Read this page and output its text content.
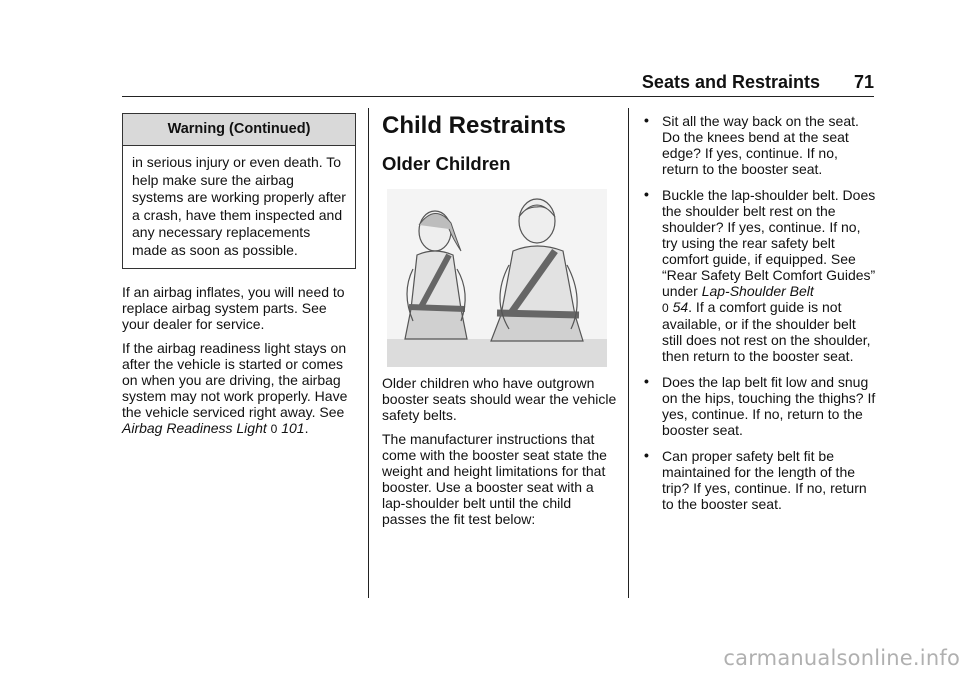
Seats and Restraints 71
Warning (Continued)
in serious injury or even death. To help make sure the airbag systems are working properly after a crash, have them inspected and any necessary replacements made as soon as possible.

If an airbag inflates, you will need to replace airbag system parts. See your dealer for service.

If the airbag readiness light stays on after the vehicle is started or comes on when you are driving, the airbag system may not work properly. Have the vehicle serviced right away. See Airbag Readiness Light 0 101.

Child Restraints
Older Children

Older children who have outgrown booster seats should wear the vehicle safety belts.

The manufacturer instructions that come with the booster seat state the weight and height limitations for that booster. Use a booster seat with a lap-shoulder belt until the child passes the fit test below:

• Sit all the way back on the seat. Do the knees bend at the seat edge? If yes, continue. If no, return to the booster seat.
• Buckle the lap-shoulder belt. Does the shoulder belt rest on the shoulder? If yes, continue. If no, try using the rear safety belt comfort guide, if equipped. See “Rear Safety Belt Comfort Guides” under Lap-Shoulder Belt
0 54. If a comfort guide is not available, or if the shoulder belt still does not rest on the shoulder, then return to the booster seat.
• Does the lap belt fit low and snug on the hips, touching the thighs? If yes, continue. If no, return to the booster seat.
• Can proper safety belt fit be maintained for the length of the trip? If yes, continue. If no, return to the booster seat.
carmanualsonline.info
